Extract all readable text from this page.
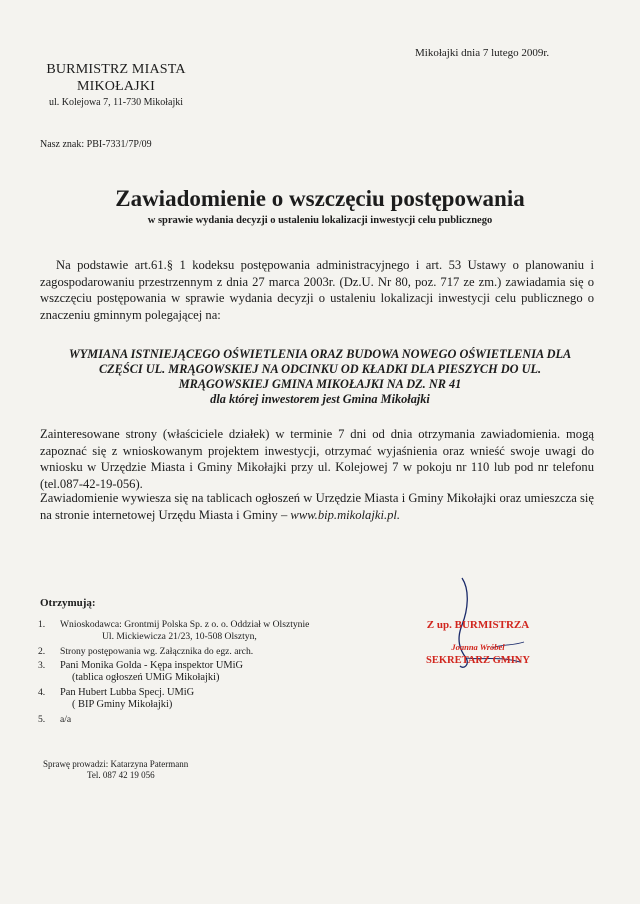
Mikołajki dnia 7 lutego 2009r.
BURMISTRZ MIASTA
MIKOŁAJKI
ul. Kolejowa 7, 11-730 Mikołajki
Nasz znak: PBI-7331/7P/09
Zawiadomienie o wszczęciu postępowania
w sprawie wydania decyzji o ustaleniu lokalizacji inwestycji celu publicznego
Na podstawie art.61.§ 1 kodeksu postępowania administracyjnego i art. 53 Ustawy o planowaniu i zagospodarowaniu przestrzennym z dnia 27 marca 2003r. (Dz.U. Nr 80, poz. 717 ze zm.) zawiadamia się o wszczęciu postępowania w sprawie wydania decyzji o ustaleniu lokalizacji inwestycji celu publicznego o znaczeniu gminnym polegającej na:
WYMIANA ISTNIEJĄCEGO OŚWIETLENIA ORAZ BUDOWA NOWEGO OŚWIETLENIA DLA
CZĘŚCI UL. MRĄGOWSKIEJ NA ODCINKU OD KŁADKI DLA PIESZYCH DO UL.
MRĄGOWSKIEJ GMINA MIKOŁAJKI NA DZ. NR 41
dla której inwestorem jest Gmina Mikołajki
Zainteresowane strony (właściciele działek) w terminie 7 dni od dnia otrzymania zawiadomienia. mogą zapoznać się z wnioskowanym projektem inwestycji, otrzymać wyjaśnienia oraz wnieść swoje uwagi do wniosku w Urzędzie Miasta i Gminy Mikołajki przy ul. Kolejowej 7 w pokoju nr 110 lub pod nr telefonu (tel.087-42-19-056).
Zawiadomienie wywiesza się na tablicach ogłoszeń w Urzędzie Miasta i Gminy Mikołajki oraz umieszcza się na stronie internetowej Urzędu Miasta i Gminy – www.bip.mikolajki.pl.
Otrzymują:
1.	Wnioskodawca: Grontmij Polska Sp. z o. o. Oddział w Olsztynie
Ul. Mickiewicza 21/23, 10-508 Olsztyn,
2.	Strony postępowania wg. Załącznika do egz. arch.
3.	Pani Monika Golda - Kępa inspektor UMiG
(tablica ogłoszeń UMiG Mikołajki)
4.	Pan Hubert Lubba Specj. UMiG
( BIP Gminy Mikołajki)
5.	a/a
Sprawę prowadzi: Katarzyna Patermann
Tel. 087 42 19 056
Z up. BURMISTRZA
Joanna Wróbel
SEKRETARZ GMINY
